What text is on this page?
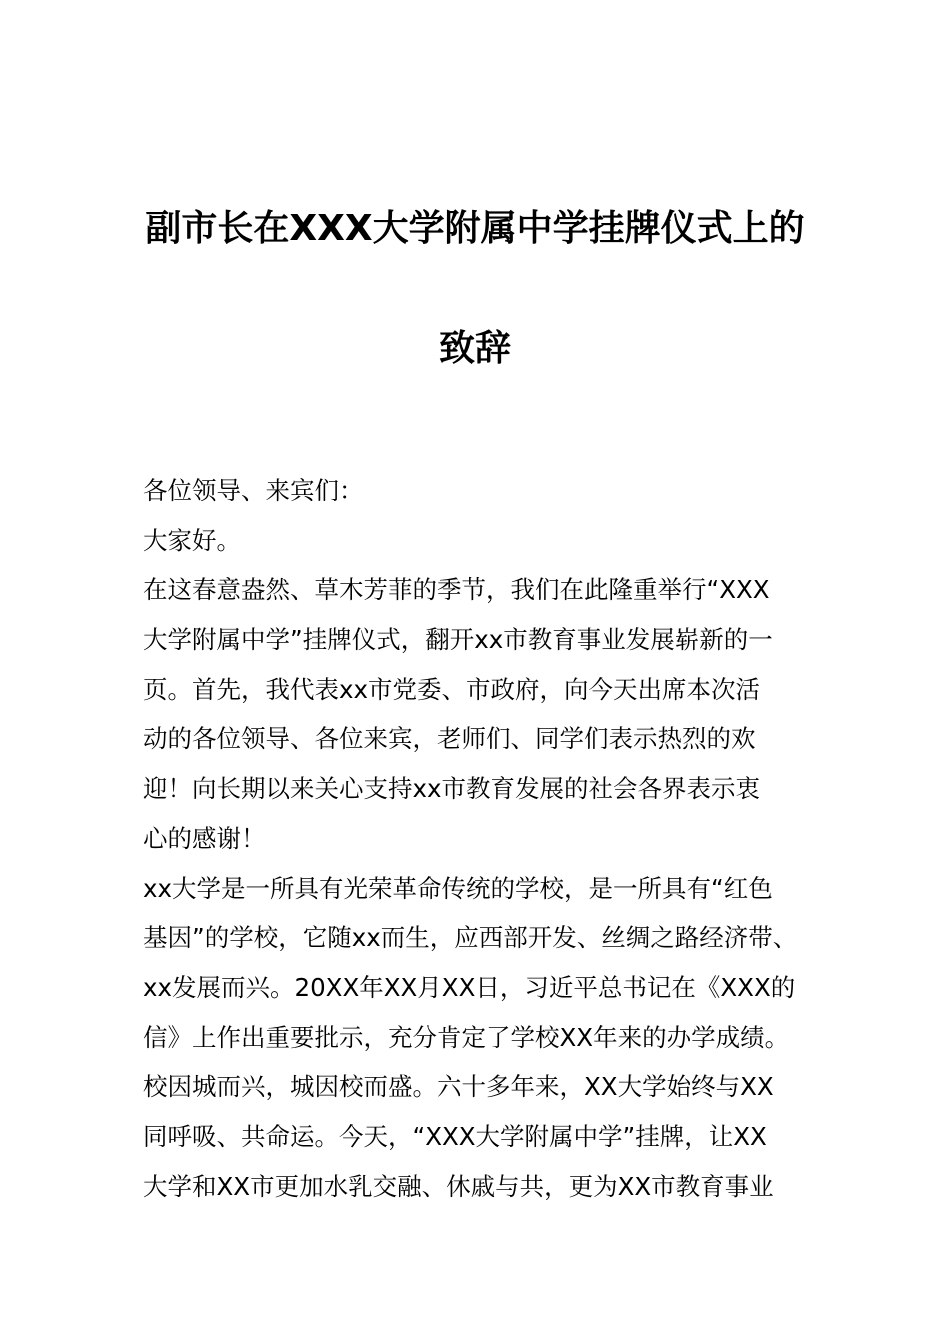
副市长在XXX大学附属中学挂牌仪式上的
致辞
各位领导、来宾们：
大家好。
在这春意盎然、草木芳菲的季节，我们在此隆重举行“XXX
大学附属中学”挂牌仪式，翻开xx市教育事业发展崭新的一
页。首先，我代表xx市党委、市政府，向今天出席本次活
动的各位领导、各位来宾，老师们、同学们表示热烈的欢
迎！向长期以来关心支持xx市教育发展的社会各界表示衷
心的感谢！
xx大学是一所具有光荣革命传统的学校，是一所具有“红色
基因”的学校，它随xx而生，应西部开发、丝绸之路经济带、
xx发展而兴。20XX年XX月XX日，习近平总书记在《XXX的
信》上作出重要批示，充分肯定了学校XX年来的办学成绩。
校因城而兴，城因校而盛。六十多年来，XX大学始终与XX
同呼吸、共命运。今天，“XXX大学附属中学”挂牌，让XX
大学和XX市更加水乳交融、休戚与共，更为XX市教育事业
